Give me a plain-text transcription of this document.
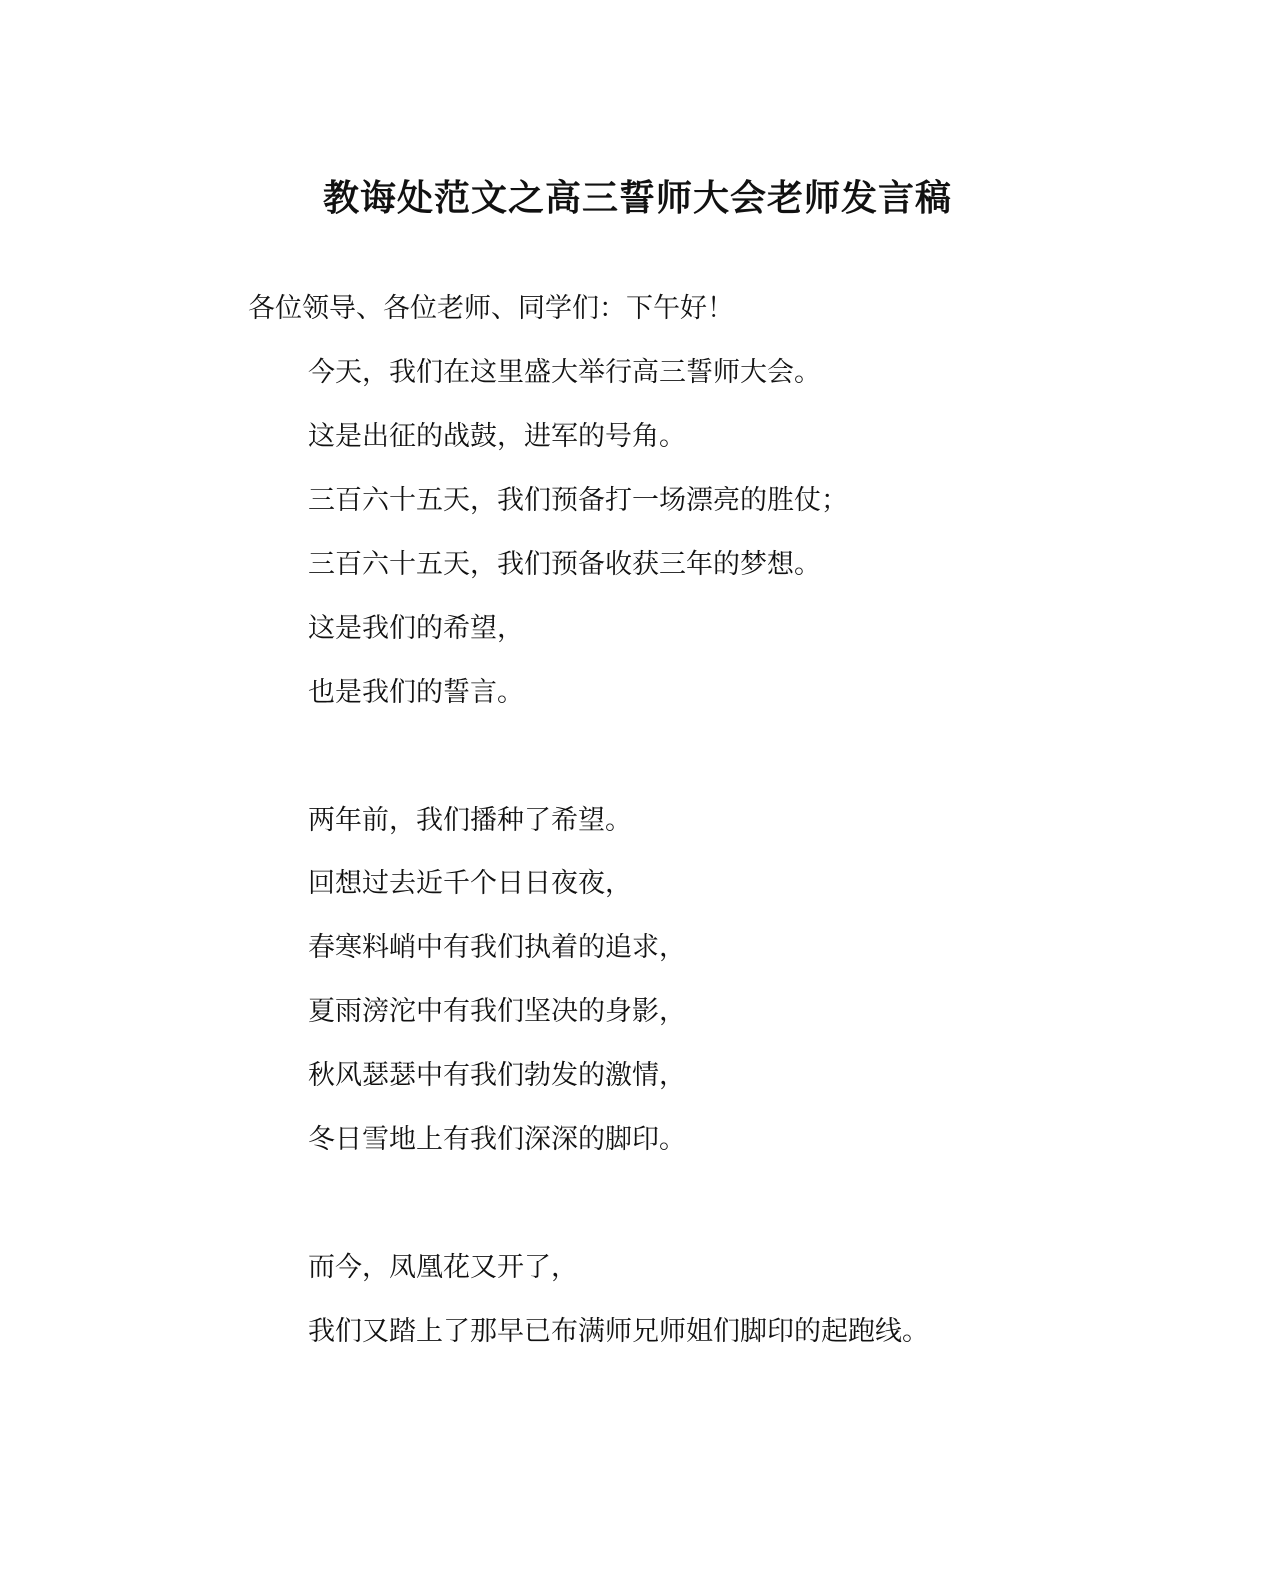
教诲处范文之高三誓师大会老师发言稿

各位领导、各位老师、同学们：下午好！

今天，我们在这里盛大举行高三誓师大会。

这是出征的战鼓，进军的号角。

三百六十五天，我们预备打一场漂亮的胜仗；

三百六十五天，我们预备收获三年的梦想。

这是我们的希望，

也是我们的誓言。

两年前，我们播种了希望。

回想过去近千个日日夜夜，

春寒料峭中有我们执着的追求，

夏雨滂沱中有我们坚决的身影，

秋风瑟瑟中有我们勃发的激情，

冬日雪地上有我们深深的脚印。

而今，凤凰花又开了，

我们又踏上了那早已布满师兄师姐们脚印的起跑线。
